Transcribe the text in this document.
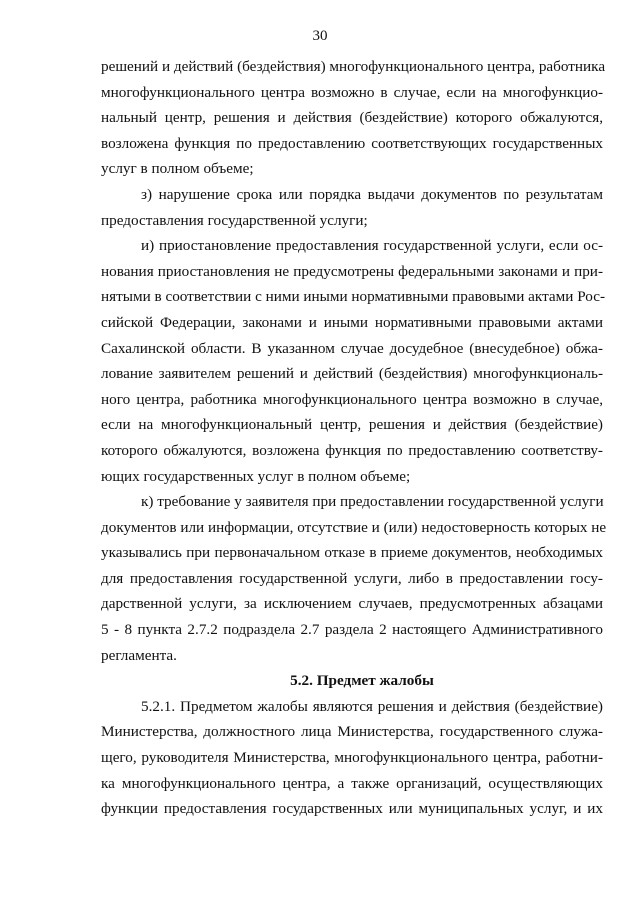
30
решений и действий (бездействия) многофункционального центра, работника
многофункционального центра возможно в случае, если на многофункцио-
нальный центр, решения и действия (бездействие) которого обжалуются,
возложена функция по предоставлению соответствующих государственных
услуг в полном объеме;
з) нарушение срока или порядка выдачи документов по результатам
предоставления государственной услуги;
и) приостановление предоставления государственной услуги, если ос-
нования приостановления не предусмотрены федеральными законами и при-
нятыми в соответствии с ними иными нормативными правовыми актами Рос-
сийской Федерации, законами и иными нормативными правовыми актами
Сахалинской области. В указанном случае досудебное (внесудебное) обжа-
лование заявителем решений и действий (бездействия) многофункциональ-
ного центра, работника многофункционального центра возможно в случае,
если на многофункциональный центр, решения и действия (бездействие)
которого обжалуются, возложена функция по предоставлению соответству-
ющих государственных услуг в полном объеме;
к) требование у заявителя при предоставлении государственной услуги
документов или информации, отсутствие и (или) недостоверность которых не
указывались при первоначальном отказе в приеме документов, необходимых
для предоставления государственной услуги, либо в предоставлении госу-
дарственной услуги, за исключением случаев, предусмотренных абзацами
5 - 8 пункта 2.7.2 подраздела 2.7 раздела 2 настоящего Административного
регламента.
5.2. Предмет жалобы
5.2.1. Предметом жалобы являются решения и действия (бездействие)
Министерства, должностного лица Министерства, государственного служа-
щего, руководителя Министерства, многофункционального центра, работни-
ка многофункционального центра, а также организаций, осуществляющих
функции предоставления государственных или муниципальных услуг, и их
